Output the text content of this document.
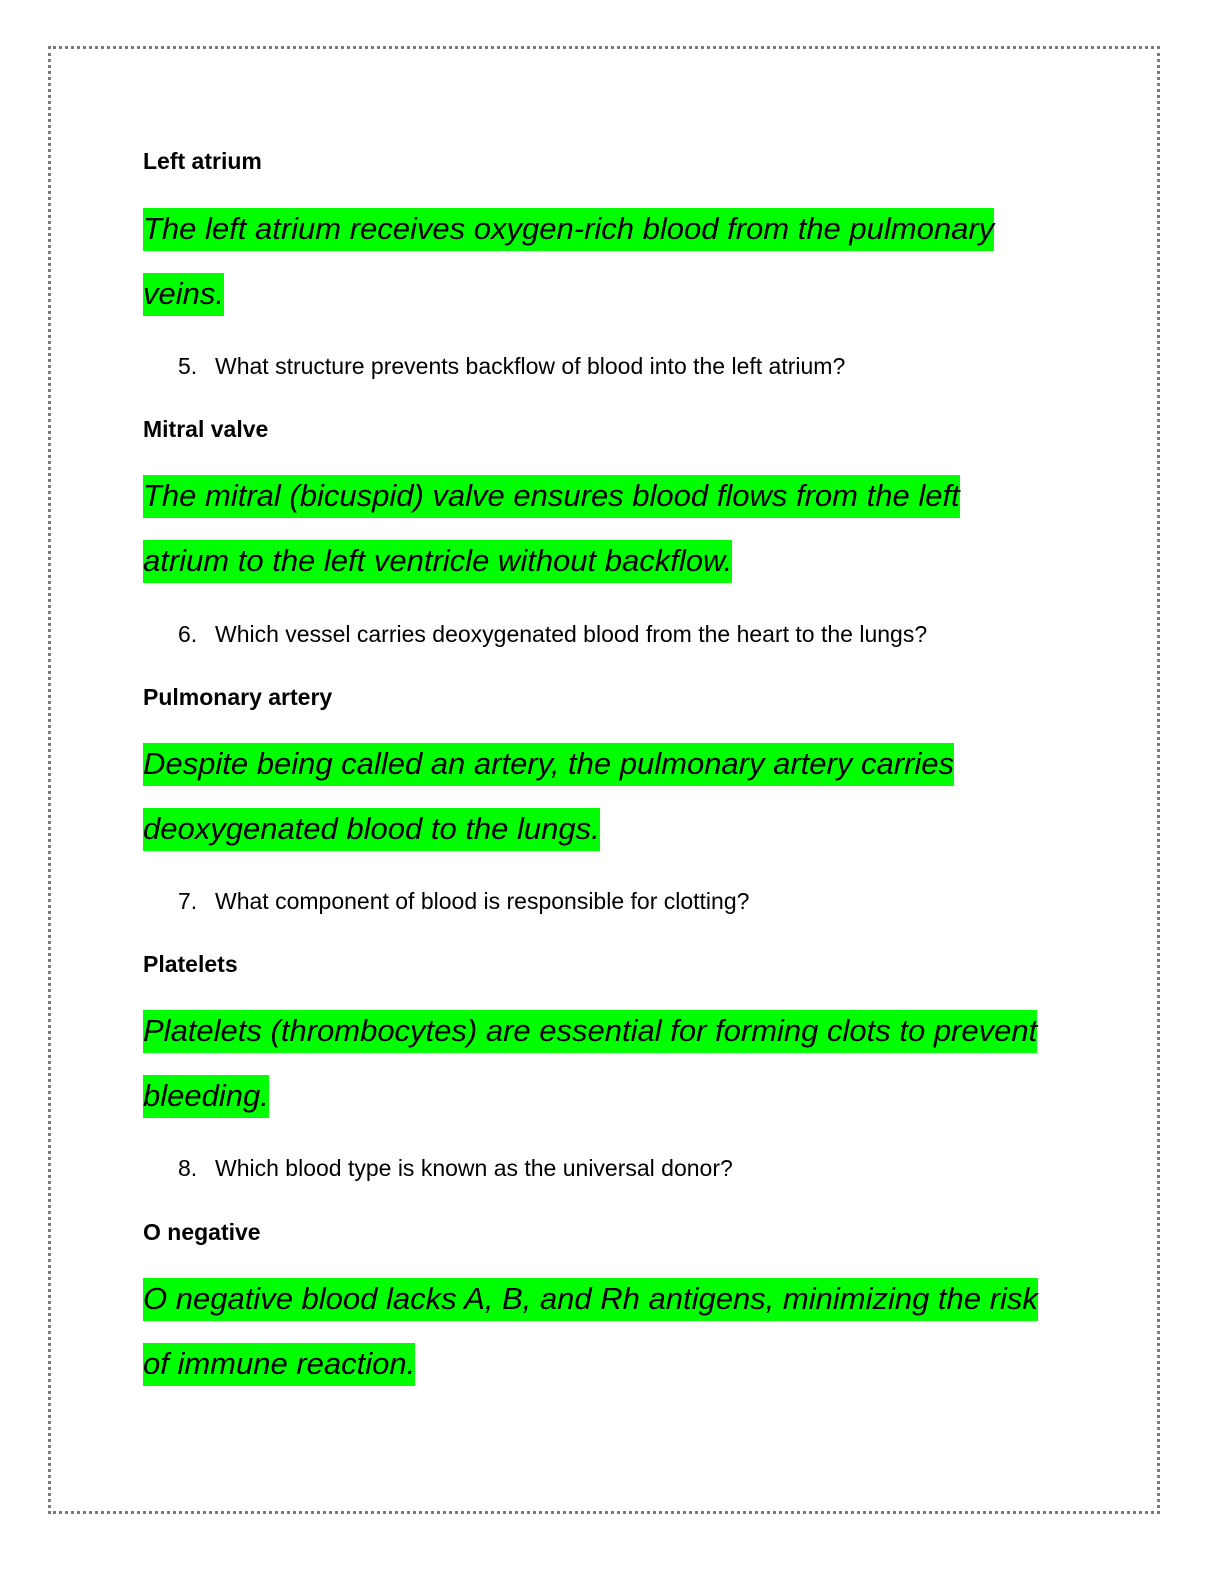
Left atrium

The left atrium receives oxygen-rich blood from the pulmonary veins.

5. What structure prevents backflow of blood into the left atrium?

Mitral valve

The mitral (bicuspid) valve ensures blood flows from the left atrium to the left ventricle without backflow.

6. Which vessel carries deoxygenated blood from the heart to the lungs?

Pulmonary artery

Despite being called an artery, the pulmonary artery carries deoxygenated blood to the lungs.

7. What component of blood is responsible for clotting?

Platelets

Platelets (thrombocytes) are essential for forming clots to prevent bleeding.

8. Which blood type is known as the universal donor?

O negative

O negative blood lacks A, B, and Rh antigens, minimizing the risk of immune reaction.
